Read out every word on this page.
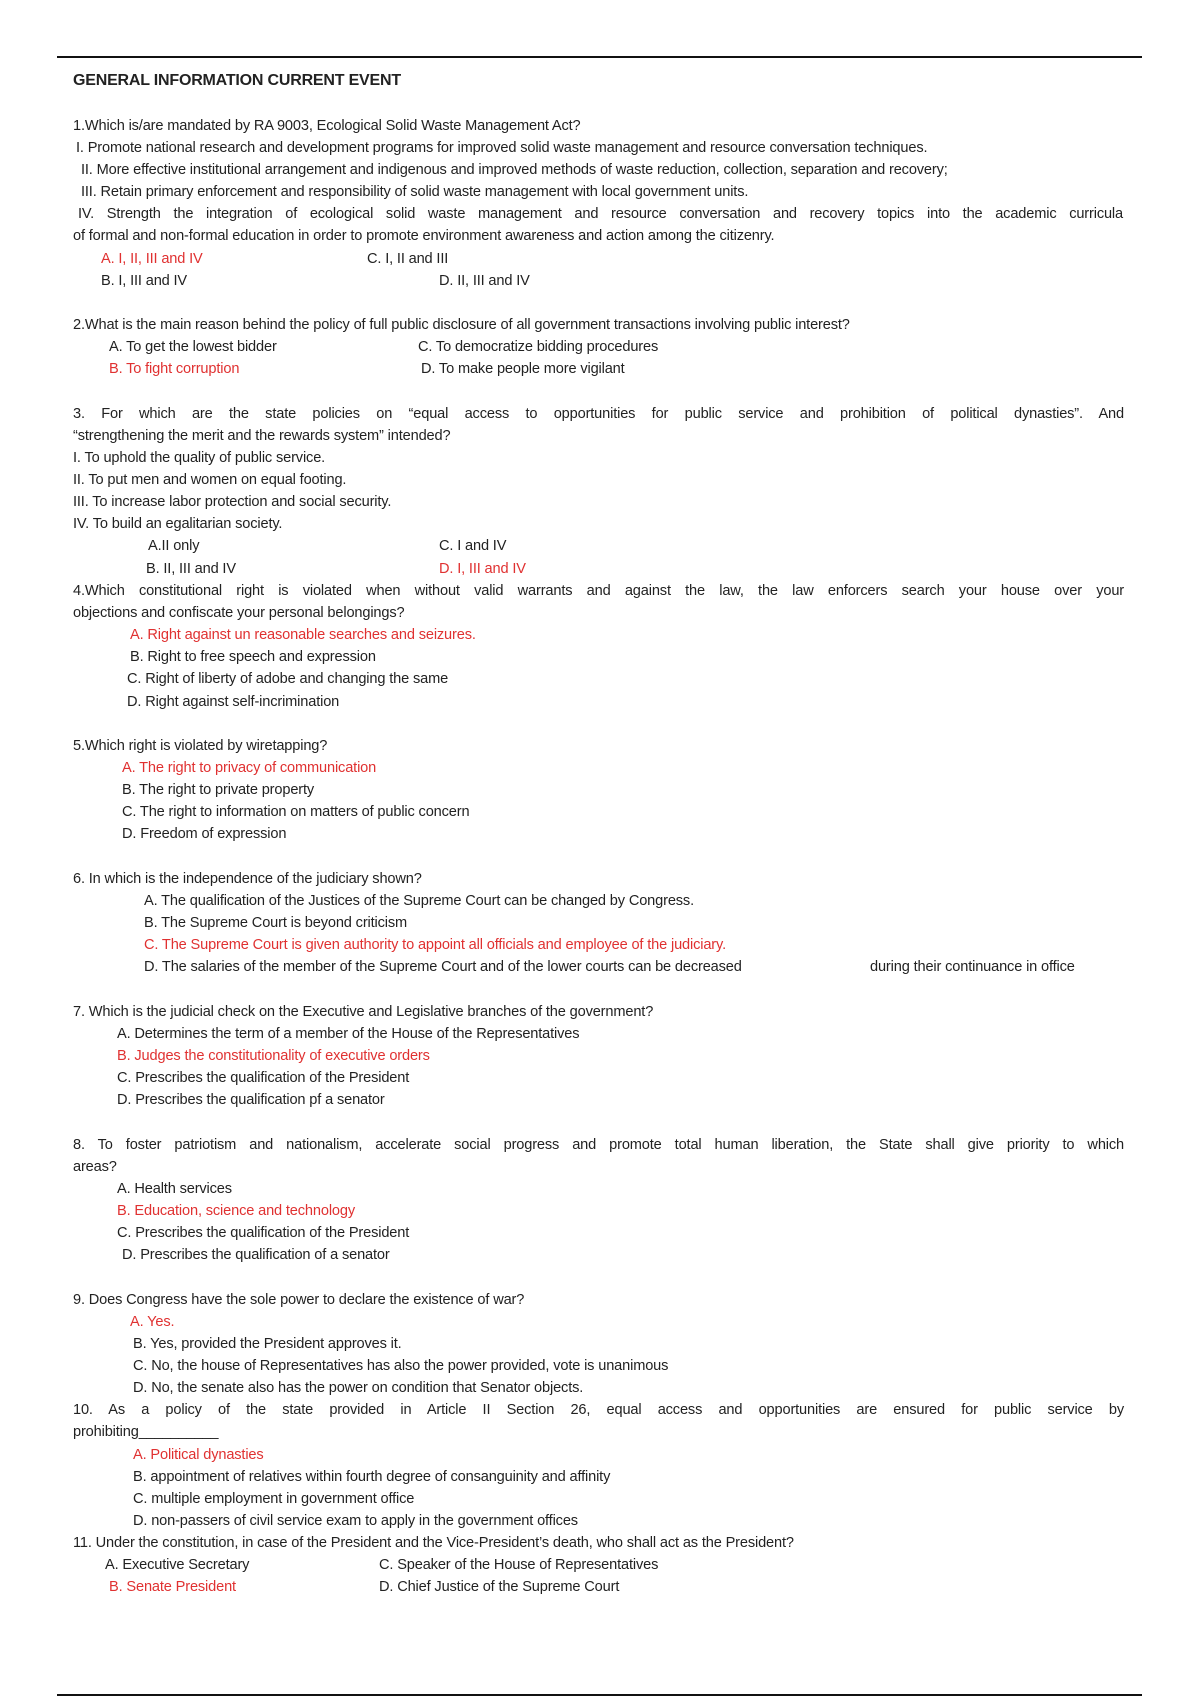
GENERAL INFORMATION CURRENT EVENT
1.Which is/are mandated by RA 9003, Ecological Solid Waste Management Act?
I. Promote national research and development programs for improved solid waste management and resource conversation techniques.
II. More effective institutional arrangement and indigenous and improved methods of waste reduction, collection, separation and recovery;
III. Retain primary enforcement and responsibility of solid waste management with local government units.
IV. Strength the integration of ecological solid waste management and resource conversation and recovery topics into the academic curricula
of formal and non-formal education in order to promote environment awareness and action among the citizenry.
A. I, II, III and IV	C. I, II and III
B. I, III and IV	D. II, III and IV
2.What is the main reason behind the policy of full public disclosure of all government transactions involving public interest?
A. To get the lowest bidder	C. To democratize bidding procedures
B. To fight corruption	D. To make people more vigilant
3. For which are the state policies on “equal access to opportunities for public service and prohibition of political dynasties”. And
“strengthening the merit and the rewards system” intended?
I. To uphold the quality of public service.
II. To put men and women on equal footing.
III. To increase labor protection and social security.
IV. To build an egalitarian society.
A.II only	C. I and IV
B. II, III and IV	D. I, III and IV
4.Which constitutional right is violated when without valid warrants and against the law, the law enforcers search your house over your
objections and confiscate your personal belongings?
A. Right against un reasonable searches and seizures.
B. Right to free speech and expression
C. Right of liberty of adobe and changing the same
D. Right against self-incrimination
5.Which right is violated by wiretapping?
A. The right to privacy of communication
B. The right to private property
C. The right to information on matters of public concern
D. Freedom of expression
6. In which is the independence of the judiciary shown?
A. The qualification of the Justices of the Supreme Court can be changed by Congress.
B. The Supreme Court is beyond criticism
C. The Supreme Court is given authority to appoint all officials and employee of the judiciary.
D. The salaries of the member of the Supreme Court and of the lower courts can be decreased	during their continuance in office
7. Which is the judicial check on the Executive and Legislative branches of the government?
A. Determines the term of a member of the House of the Representatives
B. Judges the constitutionality of executive orders
C. Prescribes the qualification of the President
D. Prescribes the qualification pf a senator
8. To foster patriotism and nationalism, accelerate social progress and promote total human liberation, the State shall give priority to which
areas?
A. Health services
B. Education, science and technology
C. Prescribes the qualification of the President
D. Prescribes the qualification of a senator
9. Does Congress have the sole power to declare the existence of war?
A. Yes.
B. Yes, provided the President approves it.
C. No, the house of Representatives has also the power provided, vote is unanimous
D. No, the senate also has the power on condition that Senator objects.
10. As a policy of the state provided in Article II Section 26, equal access and opportunities are ensured for public service by
prohibiting__________
A. Political dynasties
B. appointment of relatives within fourth degree of consanguinity and affinity
C. multiple employment in government office
D. non-passers of civil service exam to apply in the government offices
11. Under the constitution, in case of the President and the Vice-President’s death, who shall act as the President?
A. Executive Secretary	C. Speaker of the House of Representatives
B. Senate President	D. Chief Justice of the Supreme Court
